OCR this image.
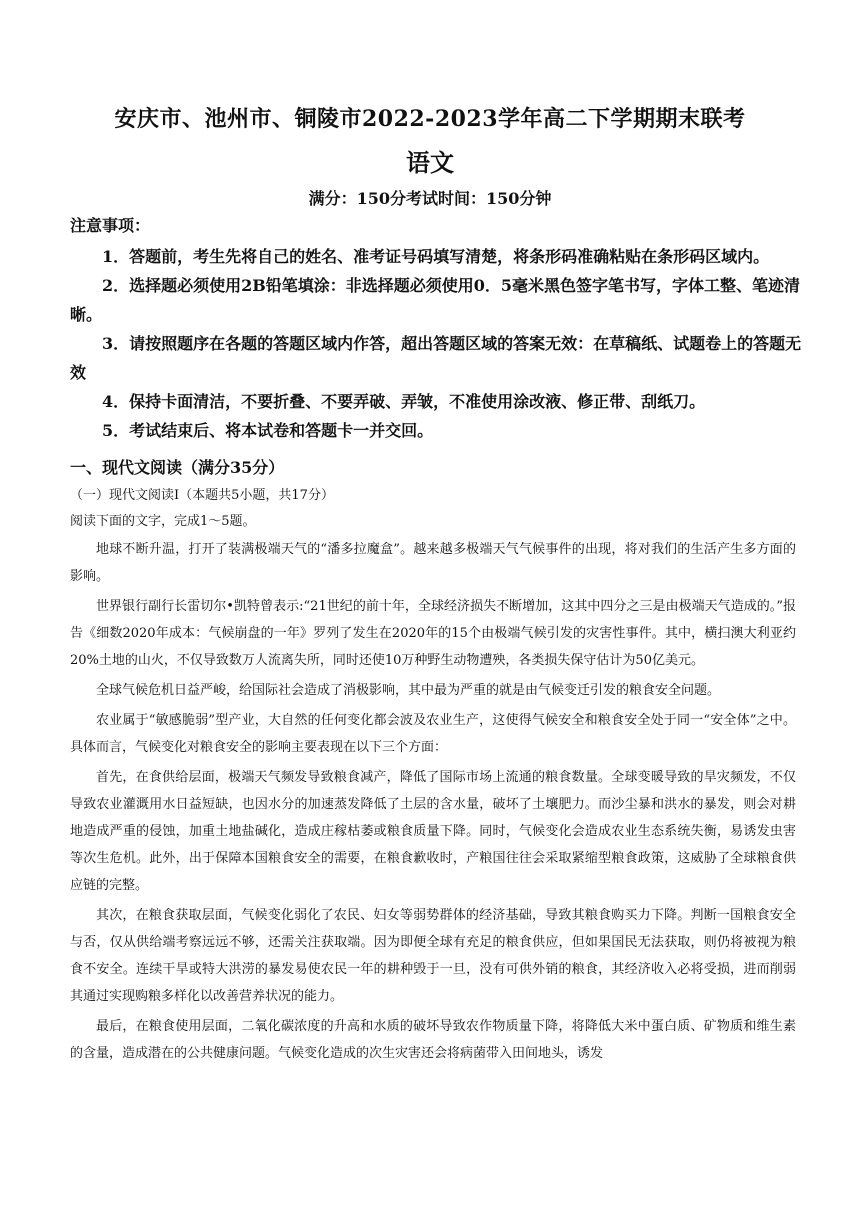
安庆市、池州市、铜陵市2022-2023学年高二下学期期末联考
语文
满分：150分考试时间：150分钟
注意事项：

1．答题前，考生先将自己的姓名、准考证号码填写清楚，将条形码准确粘贴在条形码区域内。

2．选择题必须使用2B铅笔填涂：非选择题必须使用0．5毫米黑色签字笔书写，字体工整、笔迹清晰。

3．请按照题序在各题的答题区域内作答，超出答题区域的答案无效：在草稿纸、试题卷上的答题无效

4．保持卡面清洁，不要折叠、不要弄破、弄皱，不准使用涂改液、修正带、刮纸刀。

5．考试结束后、将本试卷和答题卡一并交回。

一、现代文阅读（满分35分）
（一）现代文阅读Ⅰ（本题共5小题，共17分）
阅读下面的文字，完成1～5题。

地球不断升温，打开了装满极端天气的“潘多拉魔盒”。越来越多极端天气气候事件的出现，将对我们的生活产生多方面的影响。

世界银行副行长雷切尔•凯特曾表示:“21世纪的前十年，全球经济损失不断增加，这其中四分之三是由极端天气造成的。”报告《细数2020年成本：气候崩盘的一年》罗列了发生在2020年的15个由极端气候引发的灾害性事件。其中，横扫澳大利亚约20%土地的山火，不仅导致数万人流离失所，同时还使10万种野生动物遭殃，各类损失保守估计为50亿美元。

全球气候危机日益严峻，给国际社会造成了消极影响，其中最为严重的就是由气候变迁引发的粮食安全问题。

农业属于“敏感脆弱”型产业，大自然的任何变化都会波及农业生产，这使得气候安全和粮食安全处于同一“安全体”之中。具体而言，气候变化对粮食安全的影响主要表现在以下三个方面：

首先，在食供给层面，极端天气频发导致粮食减产，降低了国际市场上流通的粮食数量。全球变暖导致的旱灾频发，不仅导致农业灌溉用水日益短缺，也因水分的加速蒸发降低了土层的含水量，破坏了土壤肥力。而沙尘暴和洪水的暴发，则会对耕地造成严重的侵蚀，加重土地盐碱化，造成庄稼枯萎或粮食质量下降。同时，气候变化会造成农业生态系统失衡，易诱发虫害等次生危机。此外，出于保障本国粮食安全的需要，在粮食歉收时，产粮国往往会采取紧缩型粮食政策，这威胁了全球粮食供应链的完整。

其次，在粮食获取层面，气候变化弱化了农民、妇女等弱势群体的经济基础，导致其粮食购买力下降。判断一国粮食安全与否，仅从供给端考察远远不够，还需关注获取端。因为即便全球有充足的粮食供应，但如果国民无法获取，则仍将被视为粮食不安全。连续干旱或特大洪涝的暴发易使农民一年的耕种毁于一旦，没有可供外销的粮食，其经济收入必将受损，进而削弱其通过实现购粮多样化以改善营养状况的能力。

最后，在粮食使用层面，二氧化碳浓度的升高和水质的破坏导致农作物质量下降，将降低大米中蛋白质、矿物质和维生素的含量，造成潜在的公共健康问题。气候变化造成的次生灾害还会将病菌带入田间地头，诱发
